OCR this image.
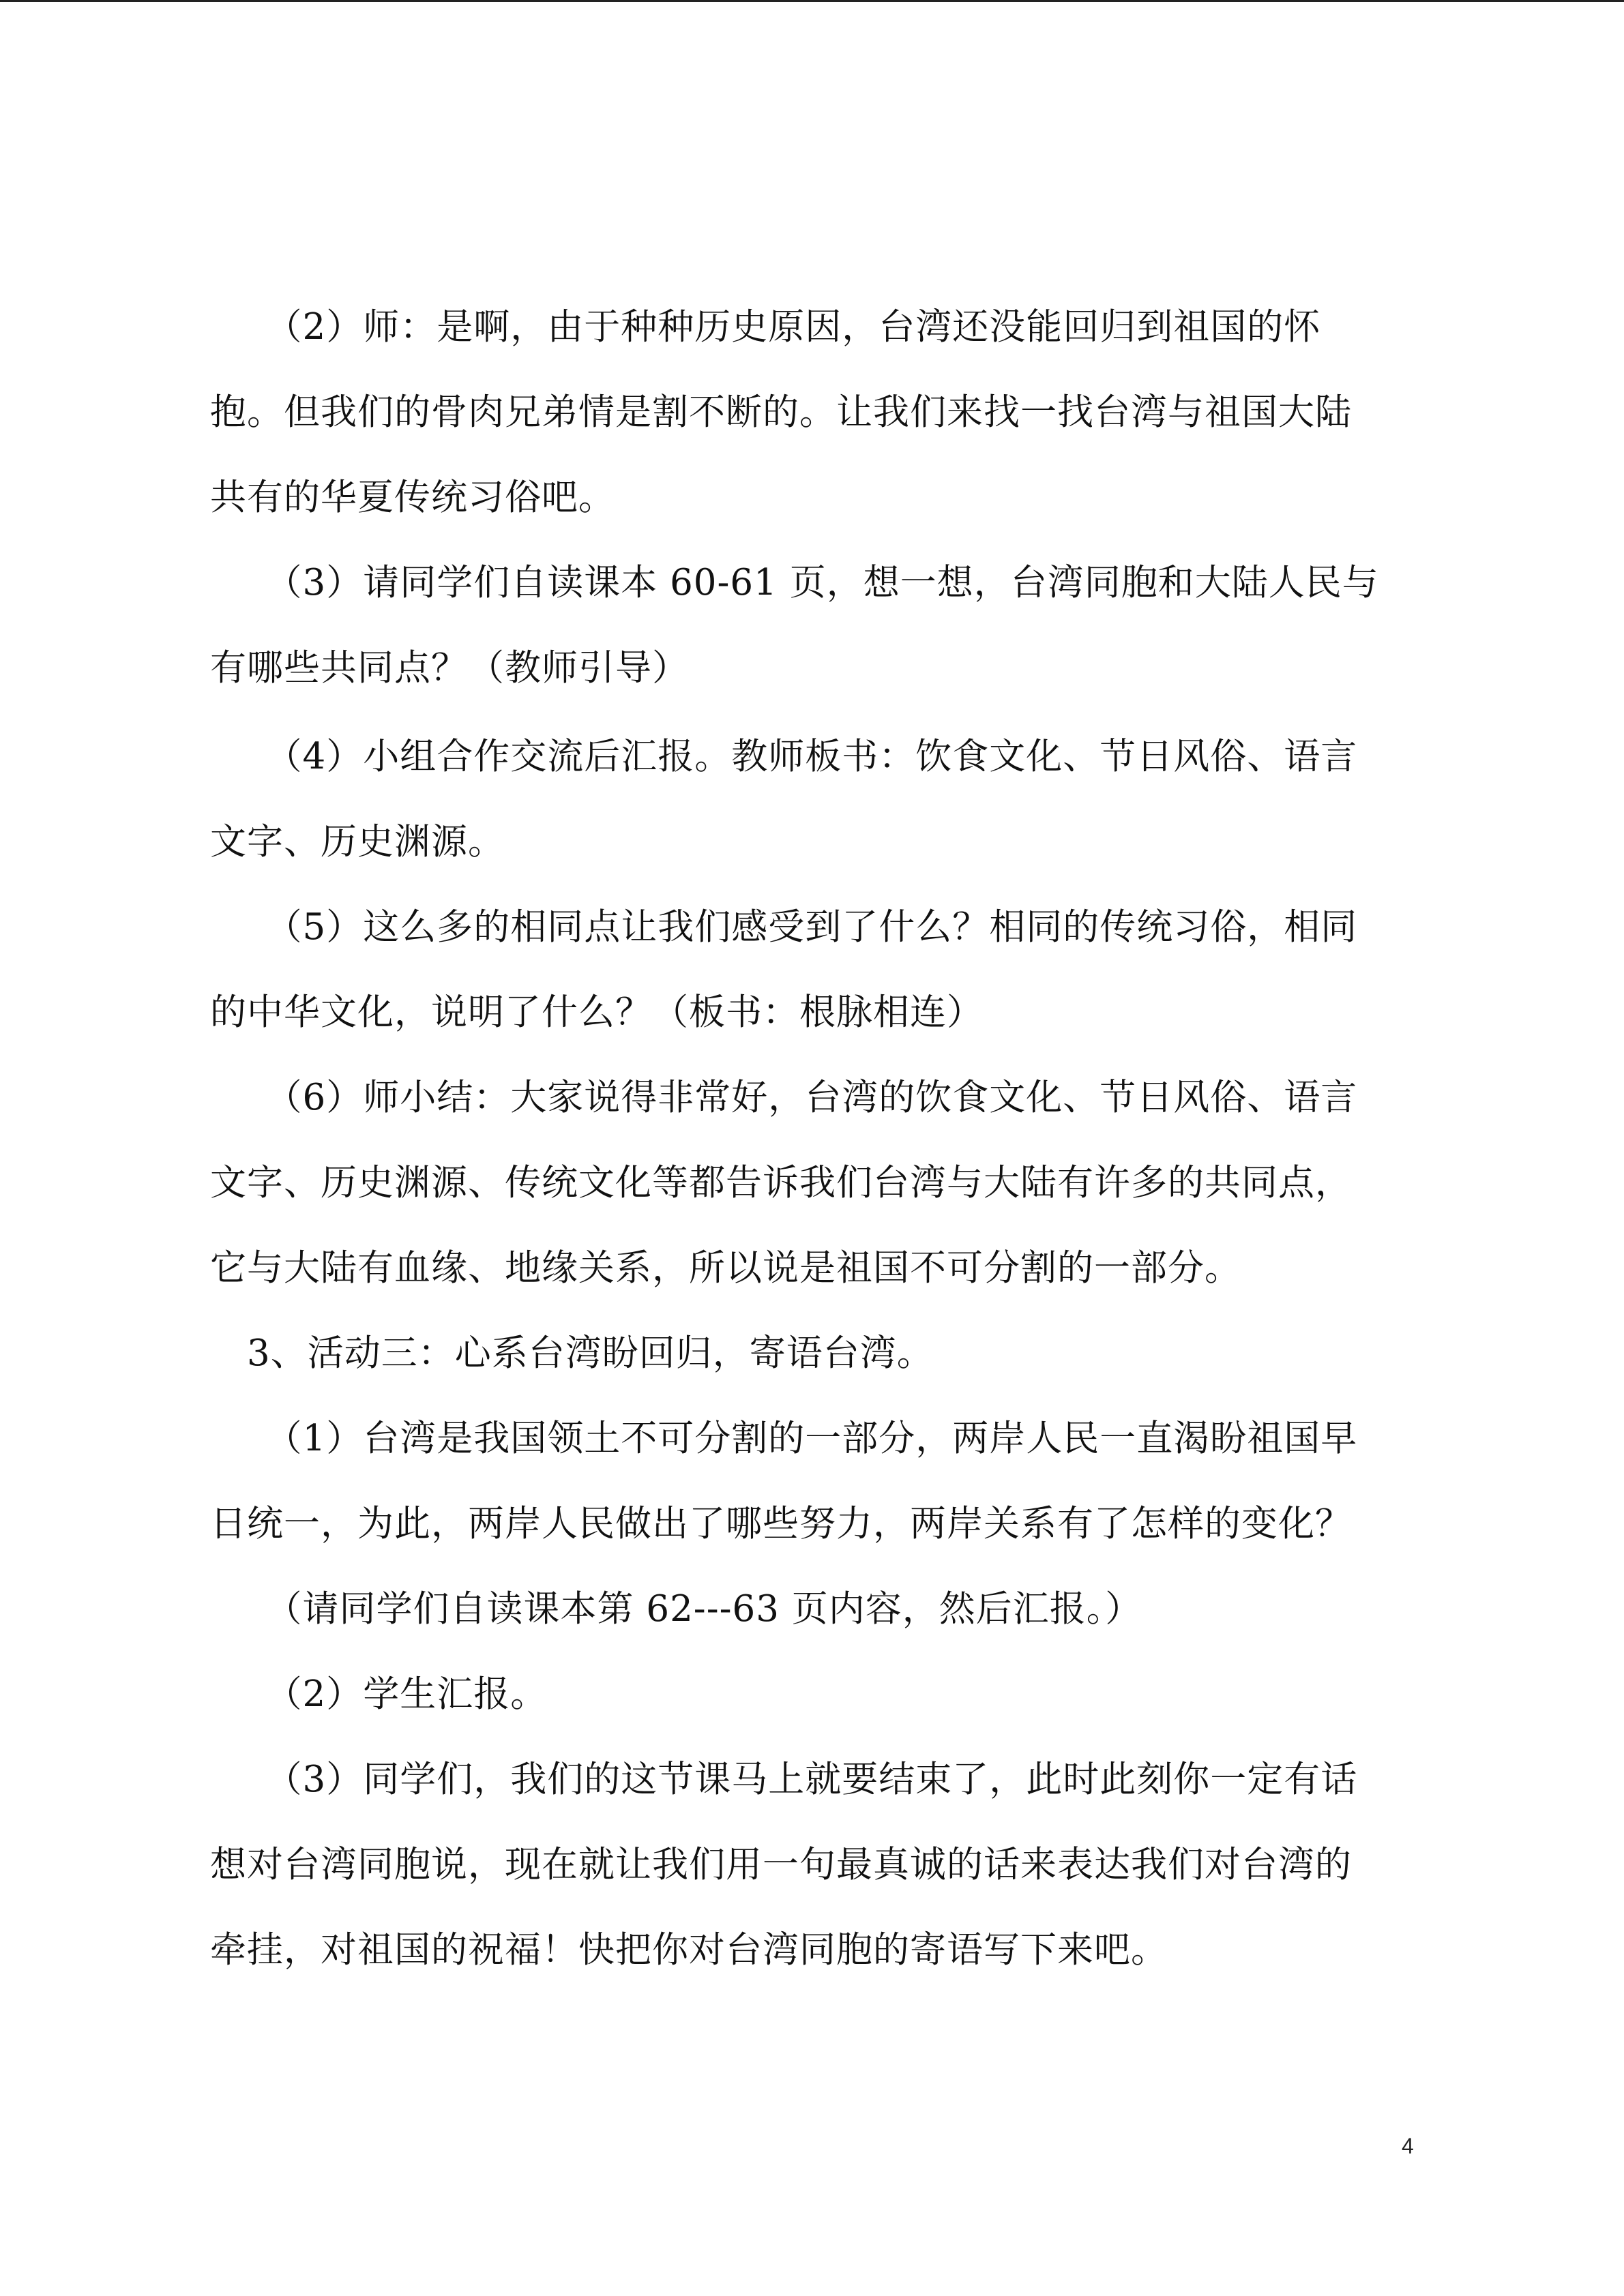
　　（2）师：是啊，由于种种历史原因，台湾还没能回归到祖国的怀
抱。但我们的骨肉兄弟情是割不断的。让我们来找一找台湾与祖国大陆
共有的华夏传统习俗吧。
　　（3）请同学们自读课本 60-61 页，想一想，台湾同胞和大陆人民与
有哪些共同点？（教师引导）
　　（4）小组合作交流后汇报。教师板书：饮食文化、节日风俗、语言
文字、历史渊源。
　　（5）这么多的相同点让我们感受到了什么？相同的传统习俗，相同
的中华文化，说明了什么？（板书：根脉相连）
　　（6）师小结：大家说得非常好，台湾的饮食文化、节日风俗、语言
文字、历史渊源、传统文化等都告诉我们台湾与大陆有许多的共同点，
它与大陆有血缘、地缘关系，所以说是祖国不可分割的一部分。
　3、活动三：心系台湾盼回归，寄语台湾。
　　（1）台湾是我国领土不可分割的一部分，两岸人民一直渴盼祖国早
日统一，为此，两岸人民做出了哪些努力，两岸关系有了怎样的变化？
　　（请同学们自读课本第 62---63 页内容，然后汇报。）
　　（2）学生汇报。
　　（3）同学们，我们的这节课马上就要结束了，此时此刻你一定有话
想对台湾同胞说，现在就让我们用一句最真诚的话来表达我们对台湾的
牵挂，对祖国的祝福！快把你对台湾同胞的寄语写下来吧。
4
